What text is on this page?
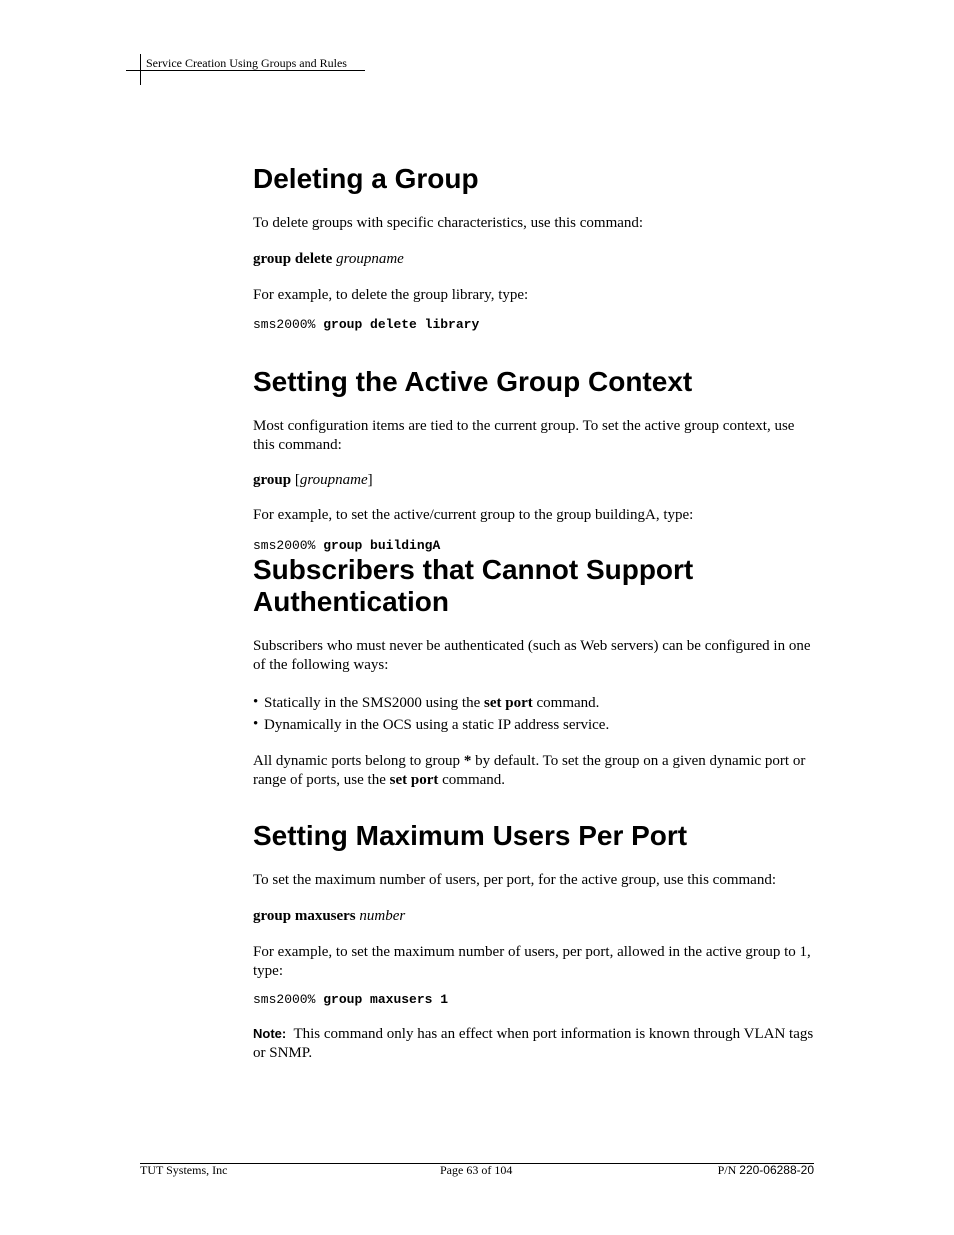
Service Creation Using Groups and Rules
Deleting a Group

To delete groups with specific characteristics, use this command:

group delete groupname

For example, to delete the group library, type:

sms2000% group delete library
Setting the Active Group Context

Most configuration items are tied to the current group. To set the active group context, use this command:

group [groupname]

For example, to set the active/current group to the group buildingA, type:

sms2000% group buildingA
Subscribers that Cannot Support
Authentication

Subscribers who must never be authenticated (such as Web servers) can be configured in one of the following ways:

• Statically in the SMS2000 using the set port command.
• Dynamically in the OCS using a static IP address service.

All dynamic ports belong to group * by default. To set the group on a given dynamic port or range of ports, use the set port command.

Setting Maximum Users Per Port

To set the maximum number of users, per port, for the active group, use this command:

group maxusers number

For example, to set the maximum number of users, per port, allowed in the active group to 1, type:

sms2000% group maxusers 1

Note: This command only has an effect when port information is known through VLAN tags or SNMP.

TUT Systems, Inc	Page 63 of 104	P/N 220-06288-20
